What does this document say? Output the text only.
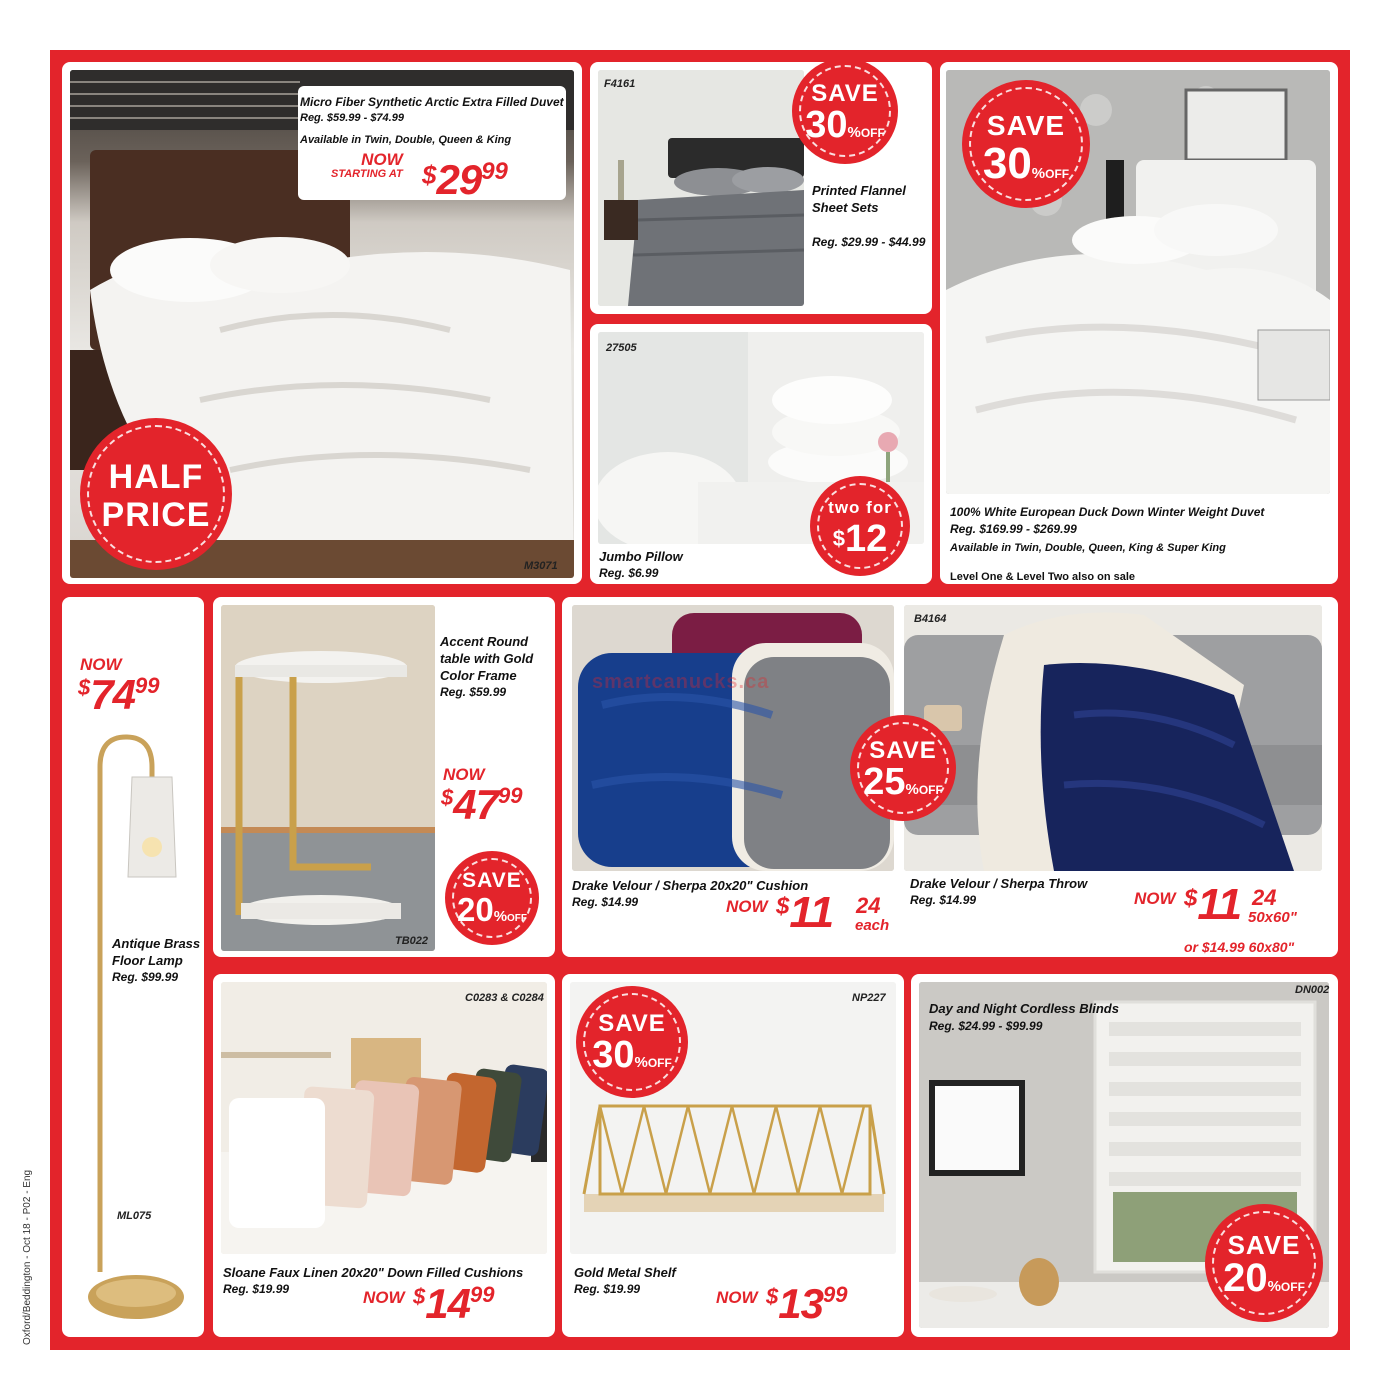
Oxford/Beddington - Oct 18 - P02 - Eng
Micro Fiber Synthetic Arctic Extra Filled Duvet
Reg. $59.99 - $74.99
Available in Twin, Double, Queen & King
NOW
STARTING AT $2999
M3071
HALF
PRICE
F4161
Printed Flannel
Sheet Sets
Reg. $29.99 - $44.99
SAVE
30%OFF
27505
Jumbo Pillow
Reg. $6.99
two for
$12
100% White European Duck Down Winter Weight Duvet
Reg. $169.99 - $269.99
Available in Twin, Double, Queen, King & Super King
Level One & Level Two also on sale
SAVE
30%OFF
NOW
$7499
Antique Brass
Floor Lamp
Reg. $99.99
ML075
Accent Round
table with Gold
Color Frame
Reg. $59.99
NOW
$4799
TB022
SAVE
20%OFF
smartcanucks.ca
B4164
Drake Velour / Sherpa 20x20" Cushion
Reg. $14.99	NOW $11 24
each
Drake Velour / Sherpa Throw
Reg. $14.99	NOW $11 24
50x60"
or $14.99 60x80"
SAVE
25%OFF
C0283 & C0284
Sloane Faux Linen 20x20" Down Filled Cushions
Reg. $19.99	NOW $1499
NP227
Gold Metal Shelf
Reg. $19.99	NOW $1399
SAVE
30%OFF
DN002
Day and Night Cordless Blinds
Reg. $24.99 - $99.99
SAVE
20%OFF
